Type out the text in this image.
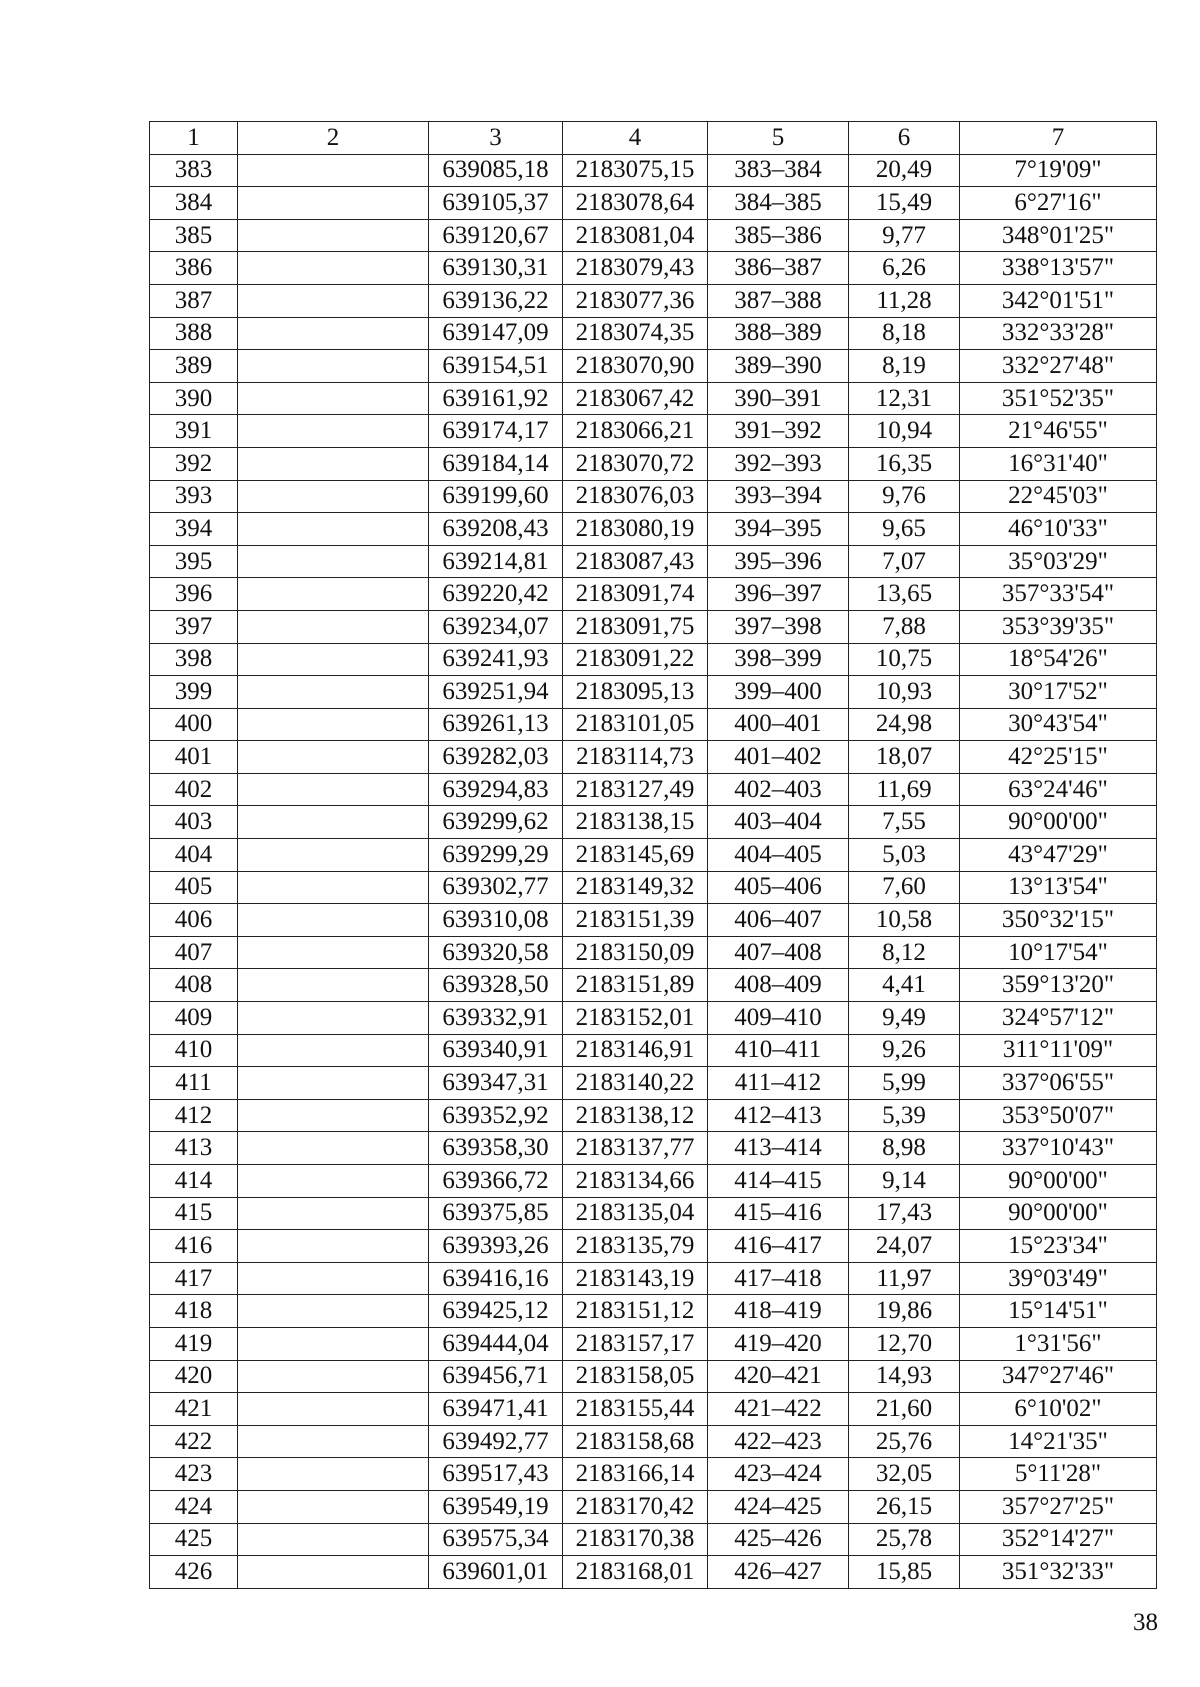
1	2	3	4	5	6	7
383		639085,18	2183075,15	383–384	20,49	7°19'09"
384		639105,37	2183078,64	384–385	15,49	6°27'16"
385		639120,67	2183081,04	385–386	9,77	348°01'25"
386		639130,31	2183079,43	386–387	6,26	338°13'57"
387		639136,22	2183077,36	387–388	11,28	342°01'51"
388		639147,09	2183074,35	388–389	8,18	332°33'28"
389		639154,51	2183070,90	389–390	8,19	332°27'48"
390		639161,92	2183067,42	390–391	12,31	351°52'35"
391		639174,17	2183066,21	391–392	10,94	21°46'55"
392		639184,14	2183070,72	392–393	16,35	16°31'40"
393		639199,60	2183076,03	393–394	9,76	22°45'03"
394		639208,43	2183080,19	394–395	9,65	46°10'33"
395		639214,81	2183087,43	395–396	7,07	35°03'29"
396		639220,42	2183091,74	396–397	13,65	357°33'54"
397		639234,07	2183091,75	397–398	7,88	353°39'35"
398		639241,93	2183091,22	398–399	10,75	18°54'26"
399		639251,94	2183095,13	399–400	10,93	30°17'52"
400		639261,13	2183101,05	400–401	24,98	30°43'54"
401		639282,03	2183114,73	401–402	18,07	42°25'15"
402		639294,83	2183127,49	402–403	11,69	63°24'46"
403		639299,62	2183138,15	403–404	7,55	90°00'00"
404		639299,29	2183145,69	404–405	5,03	43°47'29"
405		639302,77	2183149,32	405–406	7,60	13°13'54"
406		639310,08	2183151,39	406–407	10,58	350°32'15"
407		639320,58	2183150,09	407–408	8,12	10°17'54"
408		639328,50	2183151,89	408–409	4,41	359°13'20"
409		639332,91	2183152,01	409–410	9,49	324°57'12"
410		639340,91	2183146,91	410–411	9,26	311°11'09"
411		639347,31	2183140,22	411–412	5,99	337°06'55"
412		639352,92	2183138,12	412–413	5,39	353°50'07"
413		639358,30	2183137,77	413–414	8,98	337°10'43"
414		639366,72	2183134,66	414–415	9,14	90°00'00"
415		639375,85	2183135,04	415–416	17,43	90°00'00"
416		639393,26	2183135,79	416–417	24,07	15°23'34"
417		639416,16	2183143,19	417–418	11,97	39°03'49"
418		639425,12	2183151,12	418–419	19,86	15°14'51"
419		639444,04	2183157,17	419–420	12,70	1°31'56"
420		639456,71	2183158,05	420–421	14,93	347°27'46"
421		639471,41	2183155,44	421–422	21,60	6°10'02"
422		639492,77	2183158,68	422–423	25,76	14°21'35"
423		639517,43	2183166,14	423–424	32,05	5°11'28"
424		639549,19	2183170,42	424–425	26,15	357°27'25"
425		639575,34	2183170,38	425–426	25,78	352°14'27"
426		639601,01	2183168,01	426–427	15,85	351°32'33"
38
